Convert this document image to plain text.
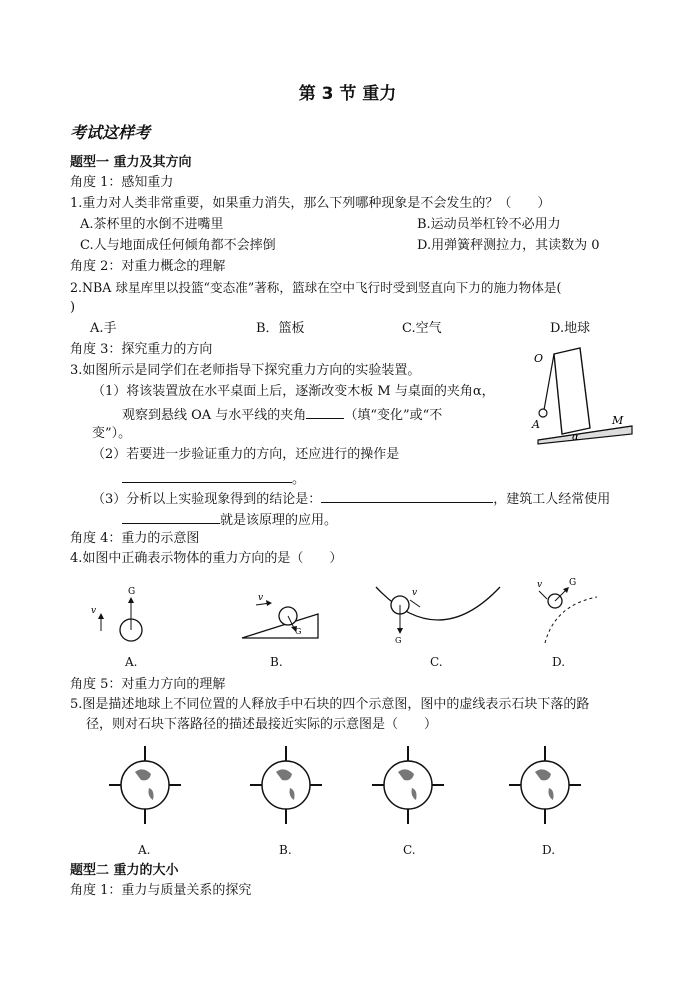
第 3 节 重力
考试这样考
题型一 重力及其方向
角度 1：感知重力
1.重力对人类非常重要，如果重力消失，那么下列哪种现象是不会发生的？（　　）
A.茶杯里的水倒不进嘴里	B.运动员举杠铃不必用力
C.人与地面成任何倾角都不会摔倒	D.用弹簧秤测拉力，其读数为 0
角度 2：对重力概念的理解
2.NBA 球星库里以投篮“变态准”著称，篮球在空中飞行时受到竖直向下力的施力物体是(
)
A.手	B．篮板	C.空气	D.地球
角度 3：探究重力的方向
3.如图所示是同学们在老师指导下探究重力方向的实验装置。
（1）将该装置放在水平桌面上后，逐渐改变木板 M 与桌面的夹角α，
观察到悬线 OA 与水平线的夹角	（填“变化”或“不
变”）。
（2）若要进一步验证重力的方向，还应进行的操作是
。
（3）分析以上实验现象得到的结论是：	，建筑工人经常使用
就是该原理的应用。
O
A	M
α
角度 4：重力的示意图
4.如图中正确表示物体的重力方向的是（　　）
v
G
A.
G
v
B.
G
v
C.
G
v
D.
角度 5：对重力方向的理解
5.图是描述地球上不同位置的人释放手中石块的四个示意图，图中的虚线表示石块下落的路
径，则对石块下落路径的描述最接近实际的示意图是（　　）
A.	B.	C.	D.
题型二 重力的大小
角度 1：重力与质量关系的探究
